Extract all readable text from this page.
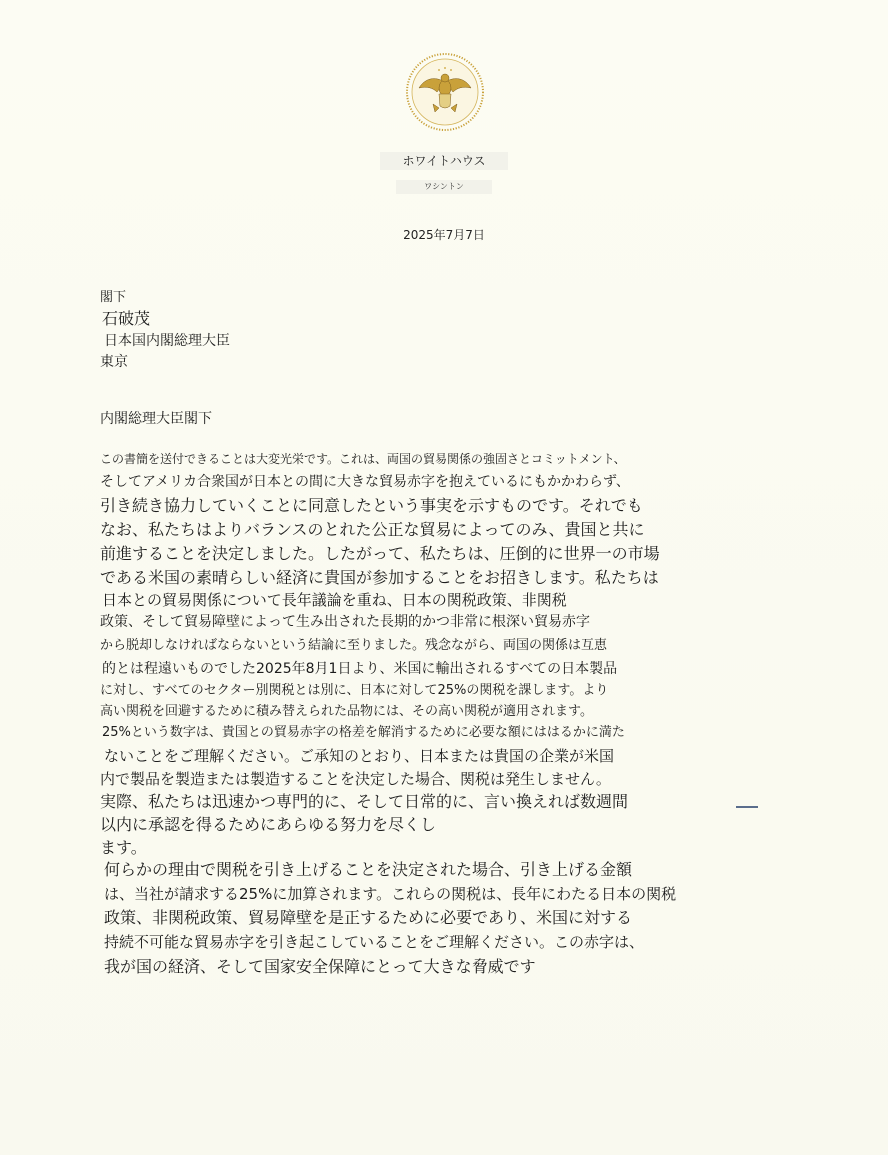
ホワイトハウス
ワシントン
2025年7月7日
閣下
石破茂
日本国内閣総理大臣
東京
内閣総理大臣閣下
この書簡を送付できることは大変光栄です。これは、両国の貿易関係の強固さとコミットメント、
そしてアメリカ合衆国が日本との間に大きな貿易赤字を抱えているにもかかわらず、
引き続き協力していくことに同意したという事実を示すものです。それでも
なお、私たちはよりバランスのとれた公正な貿易によってのみ、貴国と共に
前進することを決定しました。したがって、私たちは、圧倒的に世界一の市場
である米国の素晴らしい経済に貴国が参加することをお招きします。私たちは
日本との貿易関係について長年議論を重ね、日本の関税政策、非関税
政策、そして貿易障壁によって生み出された長期的かつ非常に根深い貿易赤字
から脱却しなければならないという結論に至りました。残念ながら、両国の関係は互恵
的とは程遠いものでした2025年8月1日より、米国に輸出されるすべての日本製品
に対し、すべてのセクター別関税とは別に、日本に対して25%の関税を課します。より
高い関税を回避するために積み替えられた品物には、その高い関税が適用されます。
25%という数字は、貴国との貿易赤字の格差を解消するために必要な額にははるかに満た
ないことをご理解ください。ご承知のとおり、日本または貴国の企業が米国
内で製品を製造または製造することを決定した場合、関税は発生しません。
実際、私たちは迅速かつ専門的に、そして日常的に、言い換えれば数週間
以内に承認を得るためにあらゆる努力を尽くし
ます。
何らかの理由で関税を引き上げることを決定された場合、引き上げる金額
は、当社が請求する25%に加算されます。これらの関税は、長年にわたる日本の関税
政策、非関税政策、貿易障壁を是正するために必要であり、米国に対する
持続不可能な貿易赤字を引き起こしていることをご理解ください。この赤字は、
我が国の経済、そして国家安全保障にとって大きな脅威です
